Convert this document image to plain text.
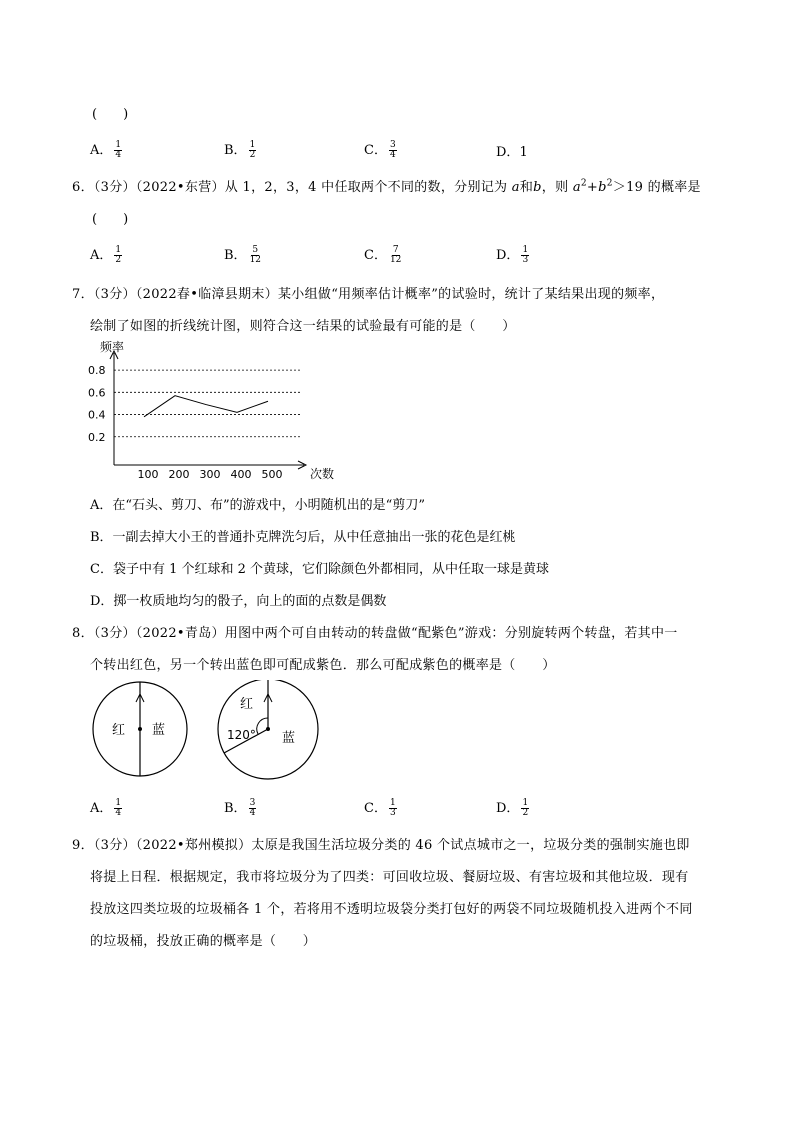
(　　)
A． $\frac{1}{4}$	B． $\frac{1}{2}$	C． $\frac{3}{4}$	D．1
6．（3分）（2022•东营）从 1，2，3，4 中任取两个不同的数，分别记为 a和b，则 $a^2+b^2>19$ 的概率是
(　　)
A． $\frac{1}{2}$	B． $\frac{5}{12}$	C． $\frac{7}{12}$	D． $\frac{1}{3}$
7．（3分）（2022春•临漳县期末）某小组做“用频率估计概率”的试验时，统计了某结果出现的频率，
绘制了如图的折线统计图，则符合这一结果的试验最有可能的是（　　）
频率
次数
0.2
0.4
0.6
0.8
100 200 300 400 500
A．在“石头、剪刀、布”的游戏中，小明随机出的是“剪刀”
B．一副去掉大小王的普通扑克牌洗匀后，从中任意抽出一张的花色是红桃
C．袋子中有 1 个红球和 2 个黄球，它们除颜色外都相同，从中任取一球是黄球
D．掷一枚质地均匀的骰子，向上的面的点数是偶数
8．（3分）（2022•青岛）用图中两个可自由转动的转盘做“配紫色”游戏：分别旋转两个转盘，若其中一
个转出红色，另一个转出蓝色即可配成紫色．那么可配成紫色的概率是（　　）
红 蓝
红
120° 蓝
A． $\frac{1}{4}$	B． $\frac{3}{4}$	C． $\frac{1}{3}$	D． $\frac{1}{2}$
9．（3分）（2022•郑州模拟）太原是我国生活垃圾分类的 46 个试点城市之一，垃圾分类的强制实施也即
将提上日程．根据规定，我市将垃圾分为了四类：可回收垃圾、餐厨垃圾、有害垃圾和其他垃圾．现有
投放这四类垃圾的垃圾桶各 1 个，若将用不透明垃圾袋分类打包好的两袋不同垃圾随机投入进两个不同
的垃圾桶，投放正确的概率是（　　）
